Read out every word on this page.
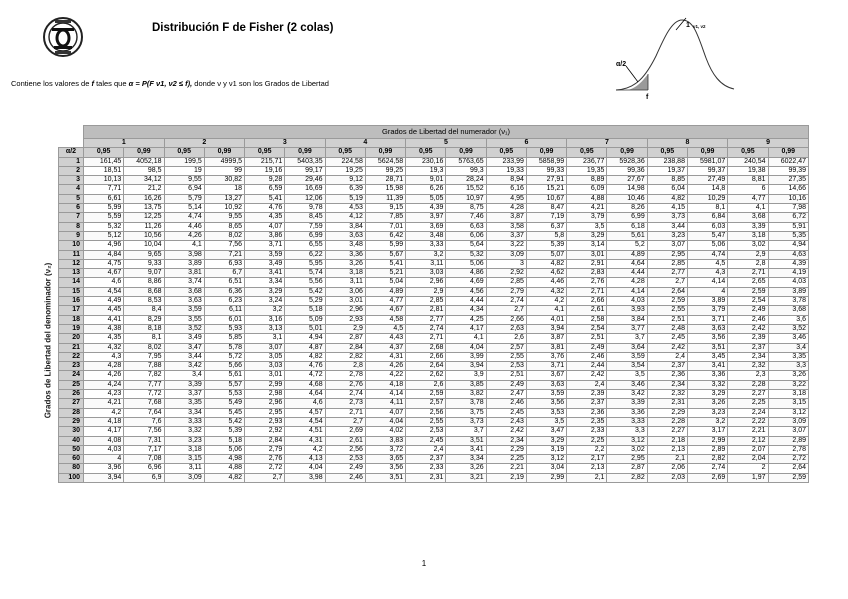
Distribución F de Fisher (2 colas)	1 ν1, ν2
α/2
f
Contiene los valores de f tales que α = P(F ν1, ν2 ≤ f), donde ν y ν1 son los Grados de Libertad
Grados de Libertad del denominador (ν₂)
	Grados de Libertad del numerador (ν₁)																	
	1		2		3		4		5		6		7		8		9	
α/2	0,95	0,99	0,95	0,99	0,95	0,99	0,95	0,99	0,95	0,99	0,95	0,99	0,95	0,99	0,95	0,99	0,95	0,99
1	161,45	4052,18	199,5	4999,5	215,71	5403,35	224,58	5624,58	230,16	5763,65	233,99	5858,99	236,77	5928,36	238,88	5981,07	240,54	6022,47
2	18,51	98,5	19	99	19,16	99,17	19,25	99,25	19,3	99,3	19,33	99,33	19,35	99,36	19,37	99,37	19,38	99,39
3	10,13	34,12	9,55	30,82	9,28	29,46	9,12	28,71	9,01	28,24	8,94	27,91	8,89	27,67	8,85	27,49	8,81	27,35
4	7,71	21,2	6,94	18	6,59	16,69	6,39	15,98	6,26	15,52	6,16	15,21	6,09	14,98	6,04	14,8	6	14,66
5	6,61	16,26	5,79	13,27	5,41	12,06	5,19	11,39	5,05	10,97	4,95	10,67	4,88	10,46	4,82	10,29	4,77	10,16
6	5,99	13,75	5,14	10,92	4,76	9,78	4,53	9,15	4,39	8,75	4,28	8,47	4,21	8,26	4,15	8,1	4,1	7,98
7	5,59	12,25	4,74	9,55	4,35	8,45	4,12	7,85	3,97	7,46	3,87	7,19	3,79	6,99	3,73	6,84	3,68	6,72
8	5,32	11,26	4,46	8,65	4,07	7,59	3,84	7,01	3,69	6,63	3,58	6,37	3,5	6,18	3,44	6,03	3,39	5,91
9	5,12	10,56	4,26	8,02	3,86	6,99	3,63	6,42	3,48	6,06	3,37	5,8	3,29	5,61	3,23	5,47	3,18	5,35
10	4,96	10,04	4,1	7,56	3,71	6,55	3,48	5,99	3,33	5,64	3,22	5,39	3,14	5,2	3,07	5,06	3,02	4,94
11	4,84	9,65	3,98	7,21	3,59	6,22	3,36	5,67	3,2	5,32	3,09	5,07	3,01	4,89	2,95	4,74	2,9	4,63
12	4,75	9,33	3,89	6,93	3,49	5,95	3,26	5,41	3,11	5,06	3	4,82	2,91	4,64	2,85	4,5	2,8	4,39
13	4,67	9,07	3,81	6,7	3,41	5,74	3,18	5,21	3,03	4,86	2,92	4,62	2,83	4,44	2,77	4,3	2,71	4,19
14	4,6	8,86	3,74	6,51	3,34	5,56	3,11	5,04	2,96	4,69	2,85	4,46	2,76	4,28	2,7	4,14	2,65	4,03
15	4,54	8,68	3,68	6,36	3,29	5,42	3,06	4,89	2,9	4,56	2,79	4,32	2,71	4,14	2,64	4	2,59	3,89
16	4,49	8,53	3,63	6,23	3,24	5,29	3,01	4,77	2,85	4,44	2,74	4,2	2,66	4,03	2,59	3,89	2,54	3,78
17	4,45	8,4	3,59	6,11	3,2	5,18	2,96	4,67	2,81	4,34	2,7	4,1	2,61	3,93	2,55	3,79	2,49	3,68
18	4,41	8,29	3,55	6,01	3,16	5,09	2,93	4,58	2,77	4,25	2,66	4,01	2,58	3,84	2,51	3,71	2,46	3,6
19	4,38	8,18	3,52	5,93	3,13	5,01	2,9	4,5	2,74	4,17	2,63	3,94	2,54	3,77	2,48	3,63	2,42	3,52
20	4,35	8,1	3,49	5,85	3,1	4,94	2,87	4,43	2,71	4,1	2,6	3,87	2,51	3,7	2,45	3,56	2,39	3,46
21	4,32	8,02	3,47	5,78	3,07	4,87	2,84	4,37	2,68	4,04	2,57	3,81	2,49	3,64	2,42	3,51	2,37	3,4
22	4,3	7,95	3,44	5,72	3,05	4,82	2,82	4,31	2,66	3,99	2,55	3,76	2,46	3,59	2,4	3,45	2,34	3,35
23	4,28	7,88	3,42	5,66	3,03	4,76	2,8	4,26	2,64	3,94	2,53	3,71	2,44	3,54	2,37	3,41	2,32	3,3
24	4,26	7,82	3,4	5,61	3,01	4,72	2,78	4,22	2,62	3,9	2,51	3,67	2,42	3,5	2,36	3,36	2,3	3,26
25	4,24	7,77	3,39	5,57	2,99	4,68	2,76	4,18	2,6	3,85	2,49	3,63	2,4	3,46	2,34	3,32	2,28	3,22
26	4,23	7,72	3,37	5,53	2,98	4,64	2,74	4,14	2,59	3,82	2,47	3,59	2,39	3,42	2,32	3,29	2,27	3,18
27	4,21	7,68	3,35	5,49	2,96	4,6	2,73	4,11	2,57	3,78	2,46	3,56	2,37	3,39	2,31	3,26	2,25	3,15
28	4,2	7,64	3,34	5,45	2,95	4,57	2,71	4,07	2,56	3,75	2,45	3,53	2,36	3,36	2,29	3,23	2,24	3,12
29	4,18	7,6	3,33	5,42	2,93	4,54	2,7	4,04	2,55	3,73	2,43	3,5	2,35	3,33	2,28	3,2	2,22	3,09
30	4,17	7,56	3,32	5,39	2,92	4,51	2,69	4,02	2,53	3,7	2,42	3,47	2,33	3,3	2,27	3,17	2,21	3,07
40	4,08	7,31	3,23	5,18	2,84	4,31	2,61	3,83	2,45	3,51	2,34	3,29	2,25	3,12	2,18	2,99	2,12	2,89
50	4,03	7,17	3,18	5,06	2,79	4,2	2,56	3,72	2,4	3,41	2,29	3,19	2,2	3,02	2,13	2,89	2,07	2,78
60	4	7,08	3,15	4,98	2,76	4,13	2,53	3,65	2,37	3,34	2,25	3,12	2,17	2,95	2,1	2,82	2,04	2,72
80	3,96	6,96	3,11	4,88	2,72	4,04	2,49	3,56	2,33	3,26	2,21	3,04	2,13	2,87	2,06	2,74	2	2,64
100	3,94	6,9	3,09	4,82	2,7	3,98	2,46	3,51	2,31	3,21	2,19	2,99	2,1	2,82	2,03	2,69	1,97	2,59
1
